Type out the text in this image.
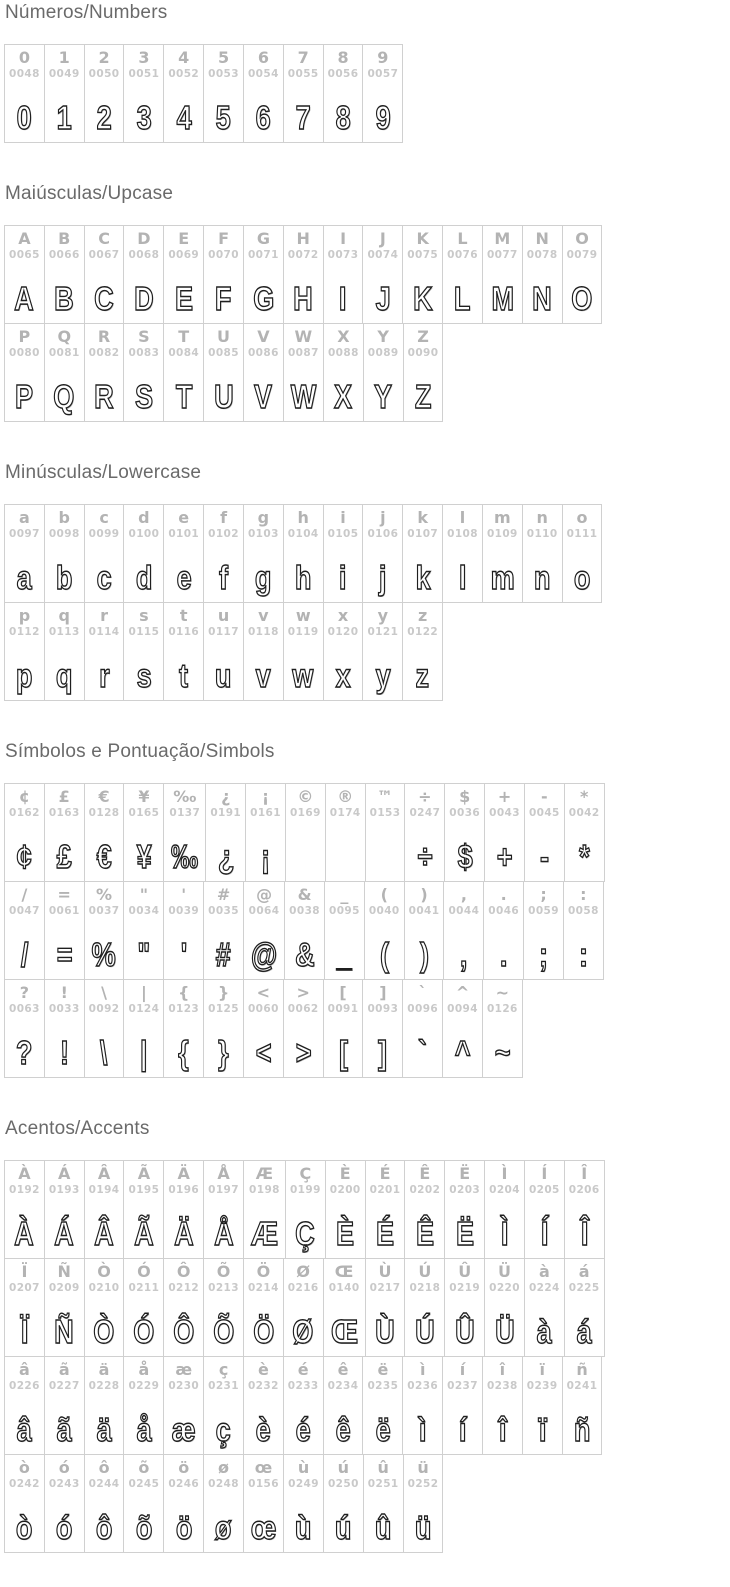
Números/Numbers
0
0048
0

1
0049
1

2
0050
2

3
0051
3

4
0052
4

5
0053
5

6
0054
6

7
0055
7

8
0056
8

9
0057
9
Maiúsculas/Upcase
A
0065
A

B
0066
B

C
0067
C

D
0068
D

E
0069
E

F
0070
F

G
0071
G

H
0072
H

I
0073
I

J
0074
J

K
0075
K

L
0076
L

M
0077
M

N
0078
N

O
0079
O
P
0080
P

Q
0081
Q

R
0082
R

S
0083
S

T
0084
T

U
0085
U

V
0086
V

W
0087
W

X
0088
X

Y
0089
Y

Z
0090
Z
Minúsculas/Lowercase
a
0097
a

b
0098
b

c
0099
c

d
0100
d

e
0101
e

f
0102
f

g
0103
g

h
0104
h

i
0105
i

j
0106
j

k
0107
k

l
0108
l

m
0109
m

n
0110
n

o
0111
o
p
0112
p

q
0113
q

r
0114
r

s
0115
s

t
0116
t

u
0117
u

v
0118
v

w
0119
w

x
0120
x

y
0121
y

z
0122
z
Símbolos e Pontuação/Simbols
¢
0162
¢

£
0163
£

€
0128
€

¥
0165
¥

‰
0137
‰

¿
0191
¿

¡
0161
¡

©
0169

®
0174

™
0153

÷
0247
÷

$
0036
$

+
0043
+

-
0045
-

*
0042
*
/
0047
/

=
0061
=

%
0037
%

"
0034
"

'
0039
'

#
0035
#

@
0064
@

&
0038
&

_
0095
_

(
0040
(

)
0041
)

,
0044
,

.
0046
.

;
0059
;

:
0058
:
?
0063
?

!
0033
!

\
0092
\

|
0124
|

{
0123
{

}
0125
}

<
0060
<

>
0062
>

[
0091
[

]
0093
]

`
0096
`

^
0094
^

~
0126
~
Acentos/Accents
À
0192
À

Á
0193
Á

Â
0194
Â

Ã
0195
Ã

Ä
0196
Ä

Å
0197
Å

Æ
0198
Æ

Ç
0199
Ç

È
0200
È

É
0201
É

Ê
0202
Ê

Ë
0203
Ë

Ì
0204
Ì

Í
0205
Í

Î
0206
Î
Ï
0207
Ï

Ñ
0209
Ñ

Ò
0210
Ò

Ó
0211
Ó

Ô
0212
Ô

Õ
0213
Õ

Ö
0214
Ö

Ø
0216
Ø

Œ
0140
Œ

Ù
0217
Ù

Ú
0218
Ú

Û
0219
Û

Ü
0220
Ü

à
0224
à

á
0225
á
â
0226
â

ã
0227
ã

ä
0228
ä

å
0229
å

æ
0230
æ

ç
0231
ç

è
0232
è

é
0233
é

ê
0234
ê

ë
0235
ë

ì
0236
ì

í
0237
í

î
0238
î

ï
0239
ï

ñ
0241
ñ
ò
0242
ò

ó
0243
ó

ô
0244
ô

õ
0245
õ

ö
0246
ö

ø
0248
ø

œ
0156
œ

ù
0249
ù

ú
0250
ú

û
0251
û

ü
0252
ü
